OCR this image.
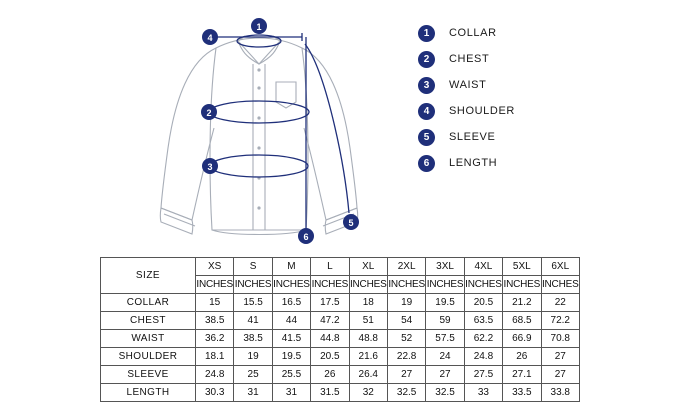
1
2
3
4
5
6
1	COLLAR
2	CHEST
3	WAIST
4	SHOULDER
5	SLEEVE
6	LENGTH
SIZE	XS	S	M	L	XL	2XL	3XL	4XL	5XL	6XL
	INCHES	INCHES	INCHES	INCHES	INCHES	INCHES	INCHES	INCHES	INCHES	INCHES
COLLAR	15	15.5	16.5	17.5	18	19	19.5	20.5	21.2	22
CHEST	38.5	41	44	47.2	51	54	59	63.5	68.5	72.2
WAIST	36.2	38.5	41.5	44.8	48.8	52	57.5	62.2	66.9	70.8
SHOULDER	18.1	19	19.5	20.5	21.6	22.8	24	24.8	26	27
SLEEVE	24.8	25	25.5	26	26.4	27	27	27.5	27.1	27
LENGTH	30.3	31	31	31.5	32	32.5	32.5	33	33.5	33.8
